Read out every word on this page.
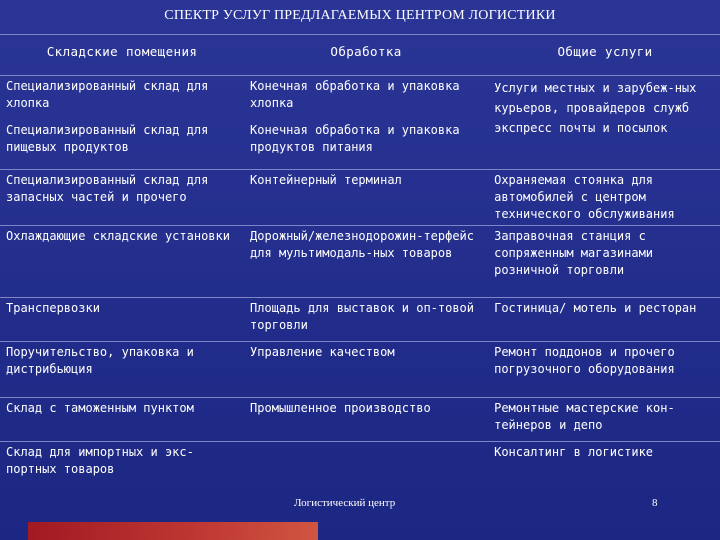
СПЕКТР УСЛУГ ПРЕДЛАГАЕМЫХ ЦЕНТРОМ ЛОГИСТИКИ
Складские помещения	Обработка	Общие услуги
Специализированный склад для хлопка	Конечная обработка и упаковка хлопка	Услуги местных и зарубеж-ных курьеров, провайдеров служб экспресс почты и посылок
Специализированный склад для пищевых продуктов	Конечная обработка и упаковка продуктов питания	
Специализированный склад для запасных частей и прочего	Контейнерный терминал	Охраняемая стоянка для автомобилей с центром технического обслуживания
Охлаждающие складские установки	Дорожный/железнодорожин-терфейс для мультимодаль-ных товаров	Заправочная станция с сопряженным магазинами розничной торговли
Транспервозки	Площадь для выставок и оп-товой торговли	Гостиница/ мотель и ресторан
Поручительство, упаковка и дистрибьюция	Управление качеством	Ремонт поддонов и прочего погрузочного оборудования
Склад с таможенным пунктом	Промышленное производство	Ремонтные мастерские кон-тейнеров и депо
Склад для импортных и экс-портных товаров		Консалтинг в логистике
Логистический центр	8
